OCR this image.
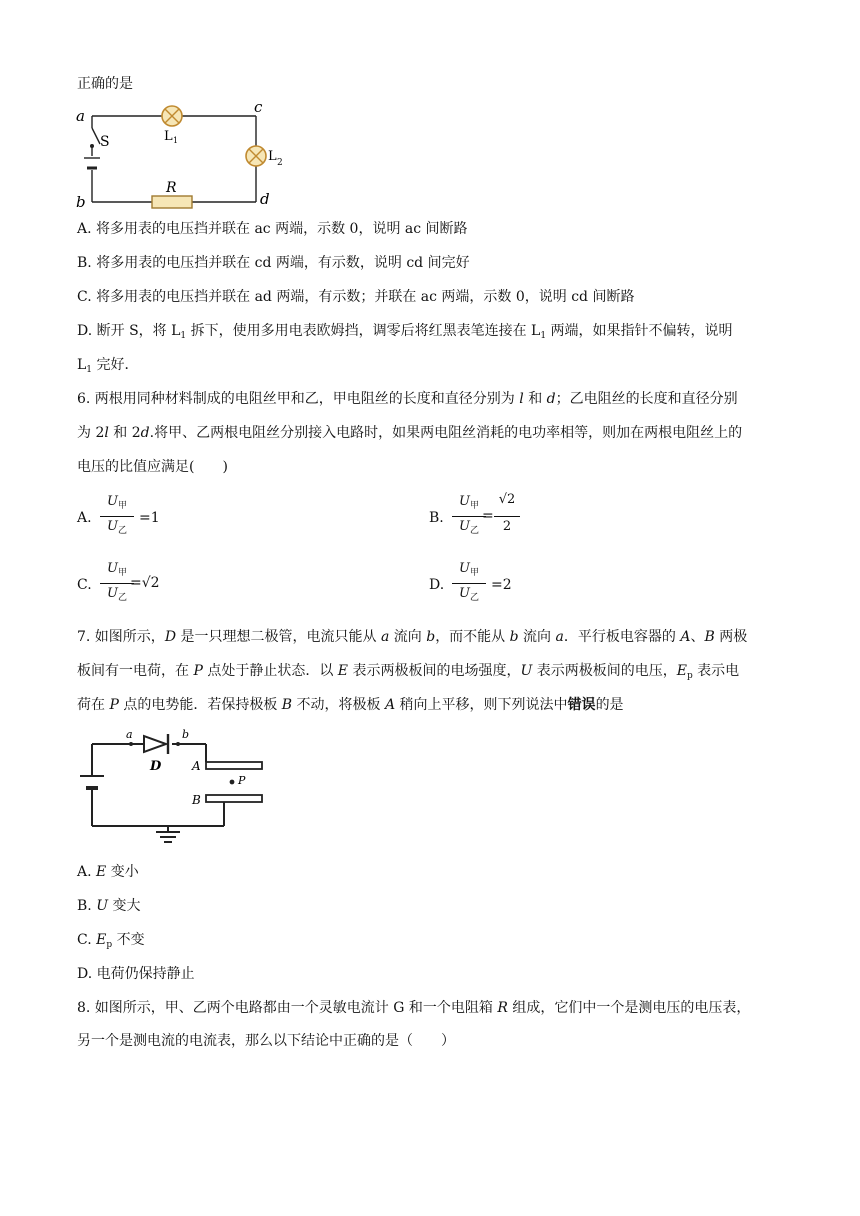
正确的是
a	c
b	d
S	L 1
L
R
2
A. 将多用表的电压挡并联在 ac 两端，示数 0，说明 ac 间断路
B. 将多用表的电压挡并联在 cd 两端，有示数，说明 cd 间完好
C. 将多用表的电压挡并联在 ad 两端，有示数；并联在 ac 两端，示数 0，说明 cd 间断路
D. 断开 S，将 $L_1$ 拆下，使用多用电表欧姆挡，调零后将红黑表笔连接在 $L_1$ 两端，如果指针不偏转，说明
$L_1$ 完好．
6. 两根用同种材料制成的电阻丝甲和乙，甲电阻丝的长度和直径分别为 l 和 d；乙电阻丝的长度和直径分别
为 2l 和 2d.将甲、乙两根电阻丝分别接入电路时，如果两电阻丝消耗的电功率相等，则加在两根电阻丝上的
电压的比值应满足(　　)
A.
$U_甲$
$U_乙$
=1	B.
$U_甲$
$U_乙$
=
√2
2
C.
$U_甲$
$U_乙$
=√2	D.
$U_甲$
$U_乙$
=2
7. 如图所示，D 是一只理想二极管，电流只能从 a 流向 b，而不能从 b 流向 a．平行板电容器的 A、B 两极
板间有一电荷，在 P 点处于静止状态．以 E 表示两极板间的电场强度，U 表示两极板间的电压，$E_p$ 表示电
荷在 P 点的电势能．若保持极板 B 不动，将极板 A 稍向上平移，则下列说法中错误的是
a	b
D	A
B
P
A. E 变小
B. U 变大
C. $E_p$ 不变
D. 电荷仍保持静止
8. 如图所示，甲、乙两个电路都由一个灵敏电流计 G 和一个电阻箱 R 组成，它们中一个是测电压的电压表，
另一个是测电流的电流表，那么以下结论中正确的是（　　）
